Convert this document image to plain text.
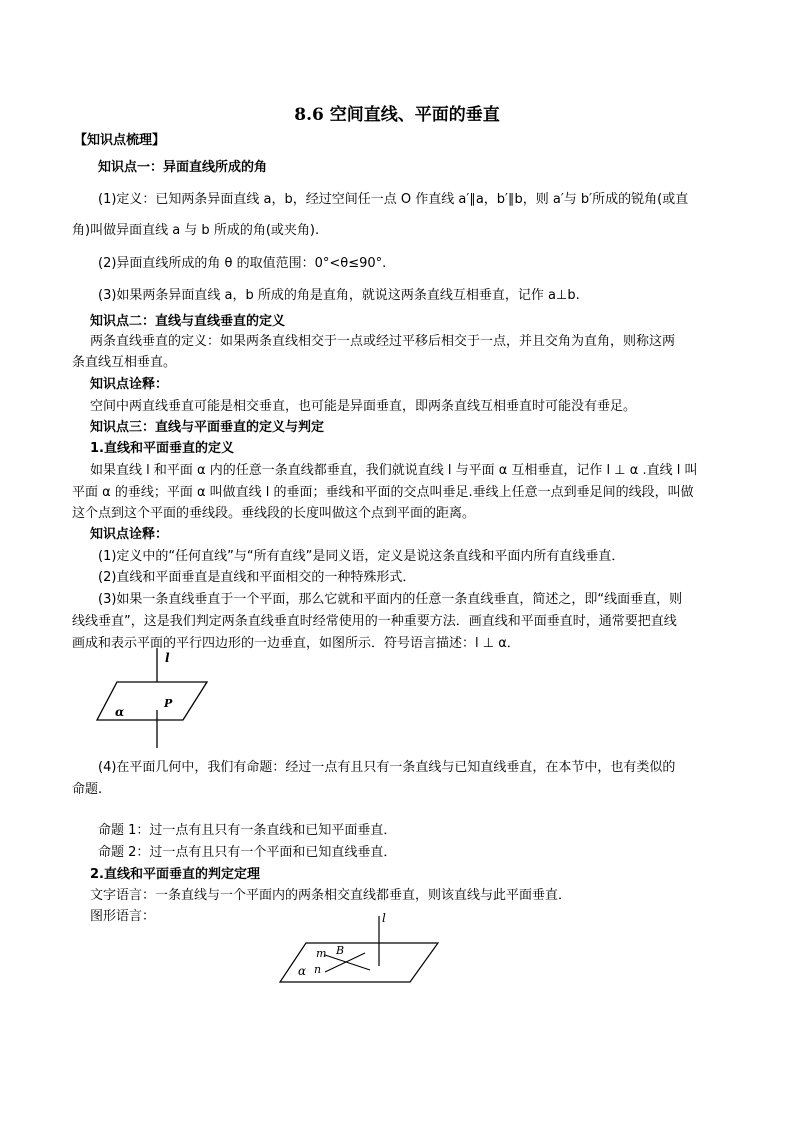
8.6 空间直线、平面的垂直
【知识点梳理】
知识点一：异面直线所成的角
(1)定义：已知两条异面直线 a，b，经过空间任一点 O 作直线 a′∥a，b′∥b，则 a′与 b′所成的锐角(或直
角)叫做异面直线 a 与 b 所成的角(或夹角).
(2)异面直线所成的角 θ 的取值范围：0°<θ≤90°.
(3)如果两条异面直线 a，b 所成的角是直角，就说这两条直线互相垂直，记作 a⊥b.
知识点二：直线与直线垂直的定义
两条直线垂直的定义：如果两条直线相交于一点或经过平移后相交于一点，并且交角为直角，则称这两
条直线互相垂直。
知识点诠释：
空间中两直线垂直可能是相交垂直，也可能是异面垂直，即两条直线互相垂直时可能没有垂足。
知识点三：直线与平面垂直的定义与判定
1.直线和平面垂直的定义
如果直线 l 和平面 α 内的任意一条直线都垂直，我们就说直线 l 与平面 α 互相垂直，记作 l ⊥ α .直线 l 叫
平面 α 的垂线；平面 α 叫做直线 l 的垂面；垂线和平面的交点叫垂足.垂线上任意一点到垂足间的线段，叫做
这个点到这个平面的垂线段。垂线段的长度叫做这个点到平面的距离。
知识点诠释：
(1)定义中的“任何直线”与“所有直线”是同义语，定义是说这条直线和平面内所有直线垂直．
(2)直线和平面垂直是直线和平面相交的一种特殊形式．
(3)如果一条直线垂直于一个平面，那么它就和平面内的任意一条直线垂直，简述之，即“线面垂直，则
线线垂直”，这是我们判定两条直线垂直时经常使用的一种重要方法．画直线和平面垂直时，通常要把直线
画成和表示平面的平行四边形的一边垂直，如图所示．符号语言描述：l ⊥ α．
l
P
α
(4)在平面几何中，我们有命题：经过一点有且只有一条直线与已知直线垂直，在本节中，也有类似的
命题.
命题 1：过一点有且只有一条直线和已知平面垂直．
命题 2：过一点有且只有一个平面和已知直线垂直．
2.直线和平面垂直的判定定理
文字语言：一条直线与一个平面内的两条相交直线都垂直，则该直线与此平面垂直．
图形语言：	l
m B
n
α
